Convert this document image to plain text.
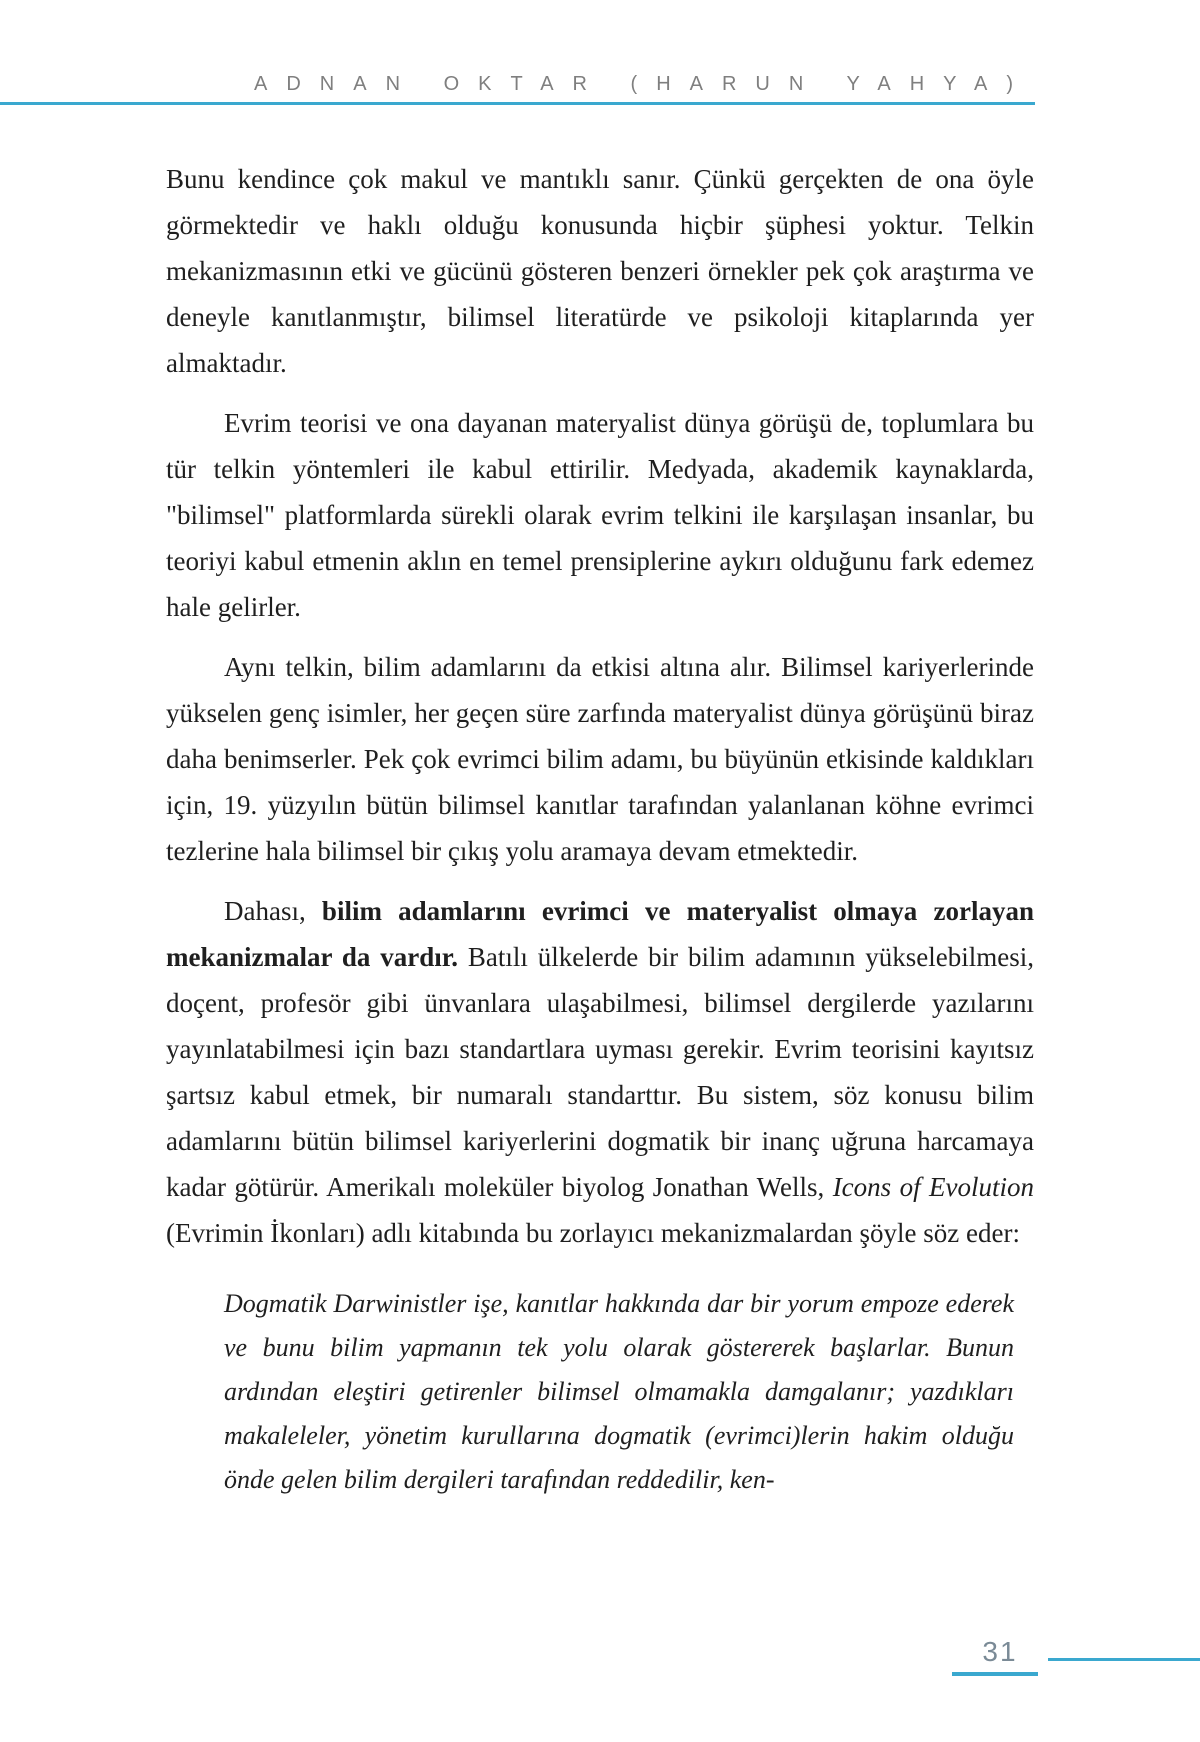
ADNAN OKTAR (HARUN YAHYA)

Bunu kendince çok makul ve mantıklı sanır. Çünkü gerçekten de ona öyle görmektedir ve haklı olduğu konusunda hiçbir şüphesi yoktur. Telkin mekanizmasının etki ve gücünü gösteren benzeri örnekler pek çok araştırma ve deneyle kanıtlanmıştır, bilimsel literatürde ve psikoloji kitaplarında yer almaktadır.

Evrim teorisi ve ona dayanan materyalist dünya görüşü de, toplumlara bu tür telkin yöntemleri ile kabul ettirilir. Medyada, akademik kaynaklarda, "bilimsel" platformlarda sürekli olarak evrim telkini ile karşılaşan insanlar, bu teoriyi kabul etmenin aklın en temel prensiplerine aykırı olduğunu fark edemez hale gelirler.

Aynı telkin, bilim adamlarını da etkisi altına alır. Bilimsel kariyerlerinde yükselen genç isimler, her geçen süre zarfında materyalist dünya görüşünü biraz daha benimserler. Pek çok evrimci bilim adamı, bu büyünün etkisinde kaldıkları için, 19. yüzyılın bütün bilimsel kanıtlar tarafından yalanlanan köhne evrimci tezlerine hala bilimsel bir çıkış yolu aramaya devam etmektedir.

Dahası, bilim adamlarını evrimci ve materyalist olmaya zorlayan mekanizmalar da vardır. Batılı ülkelerde bir bilim adamının yükselebilmesi, doçent, profesör gibi ünvanlara ulaşabilmesi, bilimsel dergilerde yazılarını yayınlatabilmesi için bazı standartlara uyması gerekir. Evrim teorisini kayıtsız şartsız kabul etmek, bir numaralı standarttır. Bu sistem, söz konusu bilim adamlarını bütün bilimsel kariyerlerini dogmatik bir inanç uğruna harcamaya kadar götürür. Amerikalı moleküler biyolog Jonathan Wells, Icons of Evolution (Evrimin İkonları) adlı kitabında bu zorlayıcı mekanizmalardan şöyle söz eder:

Dogmatik Darwinistler işe, kanıtlar hakkında dar bir yorum empoze ederek ve bunu bilim yapmanın tek yolu olarak göstererek başlarlar. Bunun ardından eleştiri getirenler bilimsel olmamakla damgalanır; yazdıkları makaleleler, yönetim kurullarına dogmatik (evrimci)lerin hakim olduğu önde gelen bilim dergileri tarafından reddedilir, ken-
31
